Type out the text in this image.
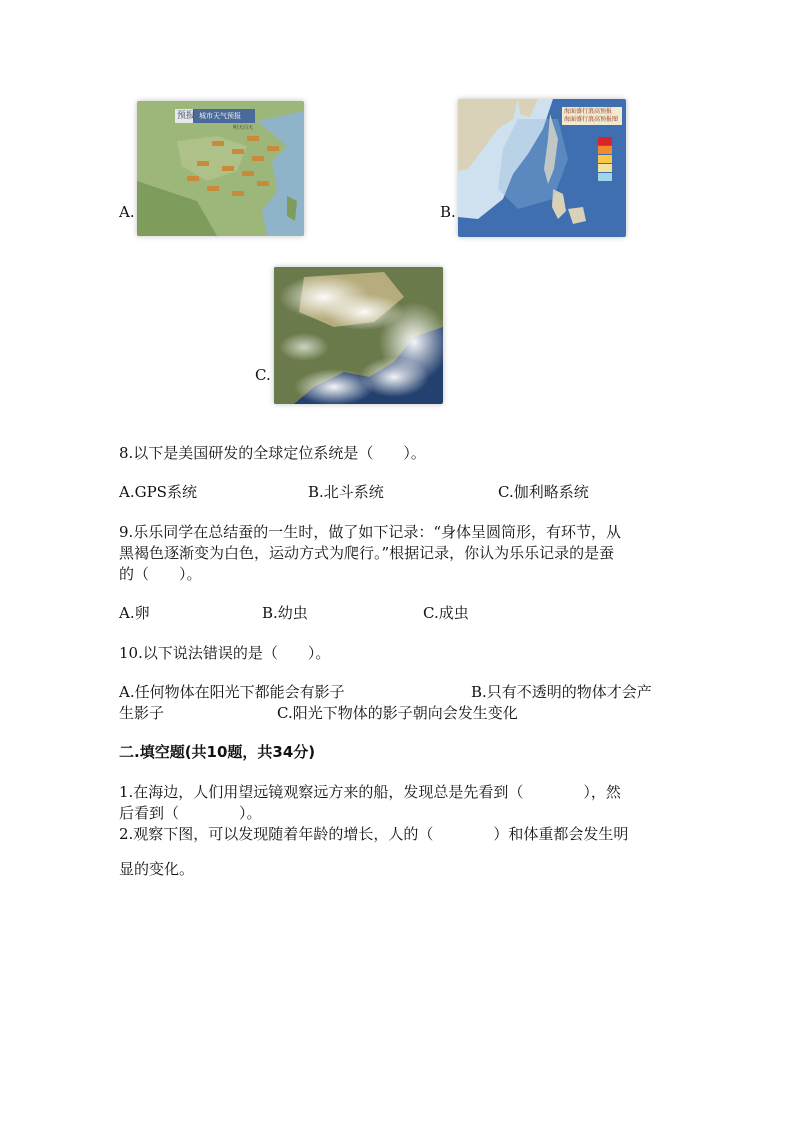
A.
预报 城市天气预报
明天白天
B.
海面盛行浪高预报
海面盛行浪高预报图
C.
8.以下是美国研发的全球定位系统是（　　）。
A.GPS系统	B.北斗系统	C.伽利略系统
9.乐乐同学在总结蚕的一生时，做了如下记录：“身体呈圆筒形，有环节，从
黑褐色逐渐变为白色，运动方式为爬行。”根据记录，你认为乐乐记录的是蚕
的（　　）。
A.卵	B.幼虫	C.成虫
10.以下说法错误的是（　　）。
A.任何物体在阳光下都能会有影子	B.只有不透明的物体才会产
生影子	C.阳光下物体的影子朝向会发生变化
二.填空题(共10题，共34分)
1.在海边，人们用望远镜观察远方来的船，发现总是先看到（　　　　），然
后看到（　　　　）。
2.观察下图，可以发现随着年龄的增长，人的（　　　　）和体重都会发生明
显的变化。
